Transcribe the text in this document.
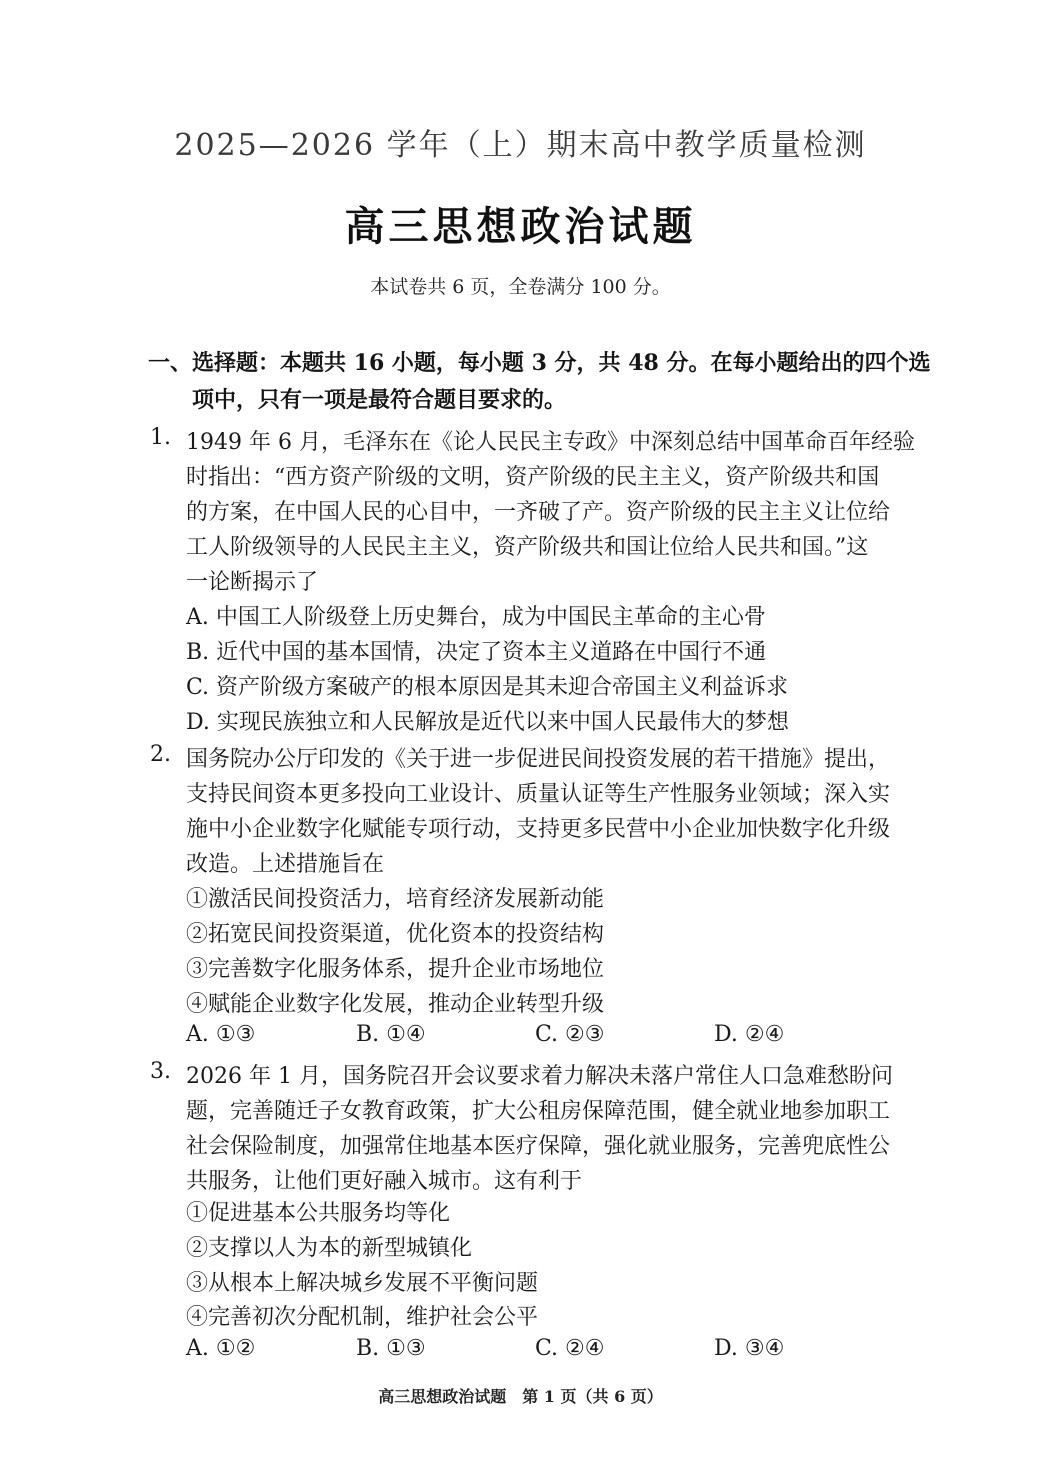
2025—2026 学年（上）期末高中教学质量检测
高三思想政治试题
本试卷共 6 页，全卷满分 100 分。
一、选择题：本题共 16 小题，每小题 3 分，共 48 分。在每小题给出的四个选
项中，只有一项是最符合题目要求的。
1. 1949 年 6 月，毛泽东在《论人民民主专政》中深刻总结中国革命百年经验
时指出：“西方资产阶级的文明，资产阶级的民主主义，资产阶级共和国
的方案，在中国人民的心目中，一齐破了产。资产阶级的民主主义让位给
工人阶级领导的人民民主主义，资产阶级共和国让位给人民共和国。”这
一论断揭示了
A. 中国工人阶级登上历史舞台，成为中国民主革命的主心骨
B. 近代中国的基本国情，决定了资本主义道路在中国行不通
C. 资产阶级方案破产的根本原因是其未迎合帝国主义利益诉求
D. 实现民族独立和人民解放是近代以来中国人民最伟大的梦想
2. 国务院办公厅印发的《关于进一步促进民间投资发展的若干措施》提出，
支持民间资本更多投向工业设计、质量认证等生产性服务业领域；深入实
施中小企业数字化赋能专项行动，支持更多民营中小企业加快数字化升级
改造。上述措施旨在
①激活民间投资活力，培育经济发展新动能
②拓宽民间投资渠道，优化资本的投资结构
③完善数字化服务体系，提升企业市场地位
④赋能企业数字化发展，推动企业转型升级
A. ①③	B. ①④	C. ②③	D. ②④
3. 2026 年 1 月，国务院召开会议要求着力解决未落户常住人口急难愁盼问
题，完善随迁子女教育政策，扩大公租房保障范围，健全就业地参加职工
社会保险制度，加强常住地基本医疗保障，强化就业服务，完善兜底性公
共服务，让他们更好融入城市。这有利于
①促进基本公共服务均等化
②支撑以人为本的新型城镇化
③从根本上解决城乡发展不平衡问题
④完善初次分配机制，维护社会公平
A. ①②	B. ①③	C. ②④	D. ③④
高三思想政治试题　第 1 页（共 6 页）
